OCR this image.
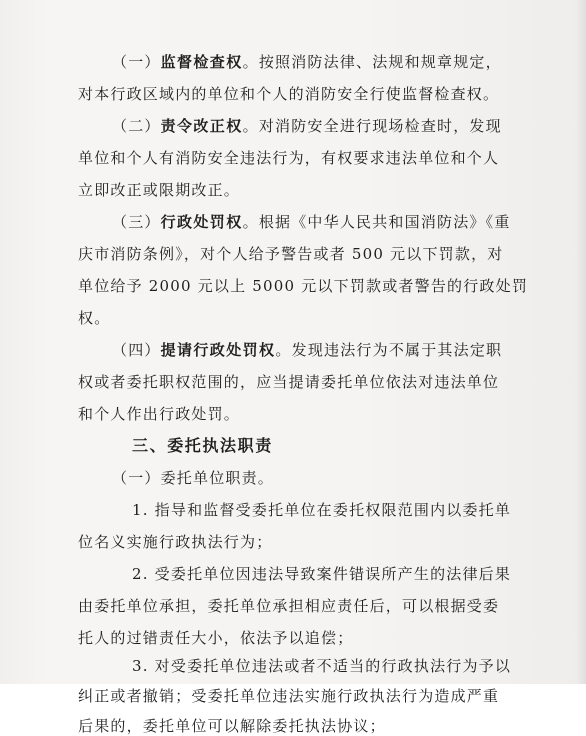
（一）监督检查权。按照消防法律、法规和规章规定，
对本行政区域内的单位和个人的消防安全行使监督检查权。
（二）责令改正权。对消防安全进行现场检查时，发现
单位和个人有消防安全违法行为，有权要求违法单位和个人
立即改正或限期改正。
（三）行政处罚权。根据《中华人民共和国消防法》《重
庆市消防条例》，对个人给予警告或者 500 元以下罚款，对
单位给予 2000 元以上 5000 元以下罚款或者警告的行政处罚
权。
（四）提请行政处罚权。发现违法行为不属于其法定职
权或者委托职权范围的，应当提请委托单位依法对违法单位
和个人作出行政处罚。
三、委托执法职责
（一）委托单位职责。
1. 指导和监督受委托单位在委托权限范围内以委托单
位名义实施行政执法行为；
2. 受委托单位因违法导致案件错误所产生的法律后果
由委托单位承担，委托单位承担相应责任后，可以根据受委
托人的过错责任大小，依法予以追偿；
3. 对受委托单位违法或者不适当的行政执法行为予以
纠正或者撤销；受委托单位违法实施行政执法行为造成严重
后果的，委托单位可以解除委托执法协议；
